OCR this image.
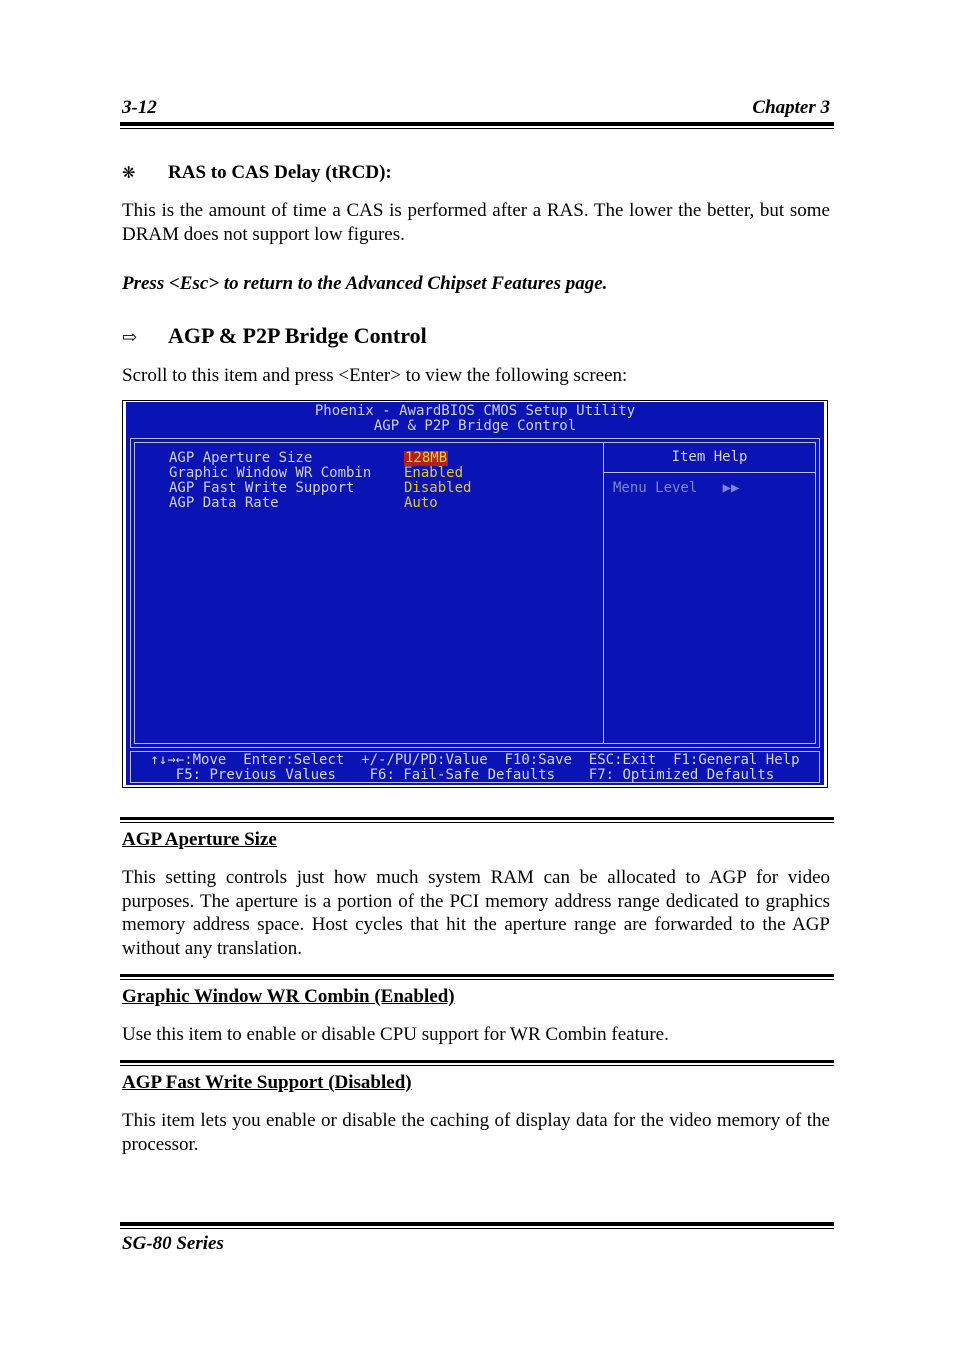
3-12	Chapter 3
❋ RAS to CAS Delay (tRCD):
This is the amount of time a CAS is performed after a RAS. The lower the better, but some DRAM does not support low figures.
Press <Esc> to return to the Advanced Chipset Features page.
⇨ AGP & P2P Bridge Control
Scroll to this item and press <Enter> to view the following screen:
Phoenix - AwardBIOS CMOS Setup Utility
AGP & P2P Bridge Control
AGP Aperture Size	128MB
Graphic Window WR Combin Enabled
AGP Fast Write Support	Disabled
AGP Data Rate	Auto
Item Help
Menu Level   ▶▶
↑↓→←:Move  Enter:Select  +/-/PU/PD:Value  F10:Save  ESC:Exit  F1:General Help
F5: Previous Values    F6: Fail-Safe Defaults    F7: Optimized Defaults
AGP Aperture Size
This setting controls just how much system RAM can be allocated to AGP for video purposes. The aperture is a portion of the PCI memory address range dedicated to graphics memory address space. Host cycles that hit the aperture range are forwarded to the AGP without any translation.
Graphic Window WR Combin (Enabled)
Use this item to enable or disable CPU support for WR Combin feature.
AGP Fast Write Support (Disabled)
This item lets you enable or disable the caching of display data for the video memory of the processor.
SG-80 Series
